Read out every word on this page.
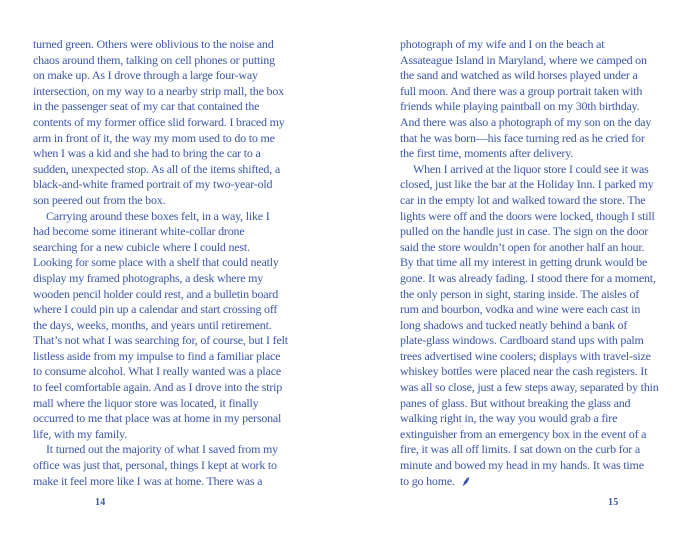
turned green. Others were oblivious to the noise and
chaos around them, talking on cell phones or putting
on make up. As I drove through a large four-way
intersection, on my way to a nearby strip mall, the box
in the passenger seat of my car that contained the
contents of my former office slid forward. I braced my
arm in front of it, the way my mom used to do to me
when I was a kid and she had to bring the car to a
sudden, unexpected stop. As all of the items shifted, a
black-and-white framed portrait of my two-year-old
son peered out from the box.
Carrying around these boxes felt, in a way, like I
had become some itinerant white-collar drone
searching for a new cubicle where I could nest.
Looking for some place with a shelf that could neatly
display my framed photographs, a desk where my
wooden pencil holder could rest, and a bulletin board
where I could pin up a calendar and start crossing off
the days, weeks, months, and years until retirement.
That’s not what I was searching for, of course, but I felt
listless aside from my impulse to find a familiar place
to consume alcohol. What I really wanted was a place
to feel comfortable again. And as I drove into the strip
mall where the liquor store was located, it finally
occurred to me that place was at home in my personal
life, with my family.
It turned out the majority of what I saved from my
office was just that, personal, things I kept at work to
make it feel more like I was at home. There was a
14
photograph of my wife and I on the beach at
Assateague Island in Maryland, where we camped on
the sand and watched as wild horses played under a
full moon. And there was a group portrait taken with
friends while playing paintball on my 30th birthday.
And there was also a photograph of my son on the day
that he was born—his face turning red as he cried for
the first time, moments after delivery.
When I arrived at the liquor store I could see it was
closed, just like the bar at the Holiday Inn. I parked my
car in the empty lot and walked toward the store. The
lights were off and the doors were locked, though I still
pulled on the handle just in case. The sign on the door
said the store wouldn’t open for another half an hour.
By that time all my interest in getting drunk would be
gone. It was already fading. I stood there for a moment,
the only person in sight, staring inside. The aisles of
rum and bourbon, vodka and wine were each cast in
long shadows and tucked neatly behind a bank of
plate-glass windows. Cardboard stand ups with palm
trees advertised wine coolers; displays with travel-size
whiskey bottles were placed near the cash registers. It
was all so close, just a few steps away, separated by thin
panes of glass. But without breaking the glass and
walking right in, the way you would grab a fire
extinguisher from an emergency box in the event of a
fire, it was all off limits. I sat down on the curb for a
minute and bowed my head in my hands. It was time
to go home.
15
